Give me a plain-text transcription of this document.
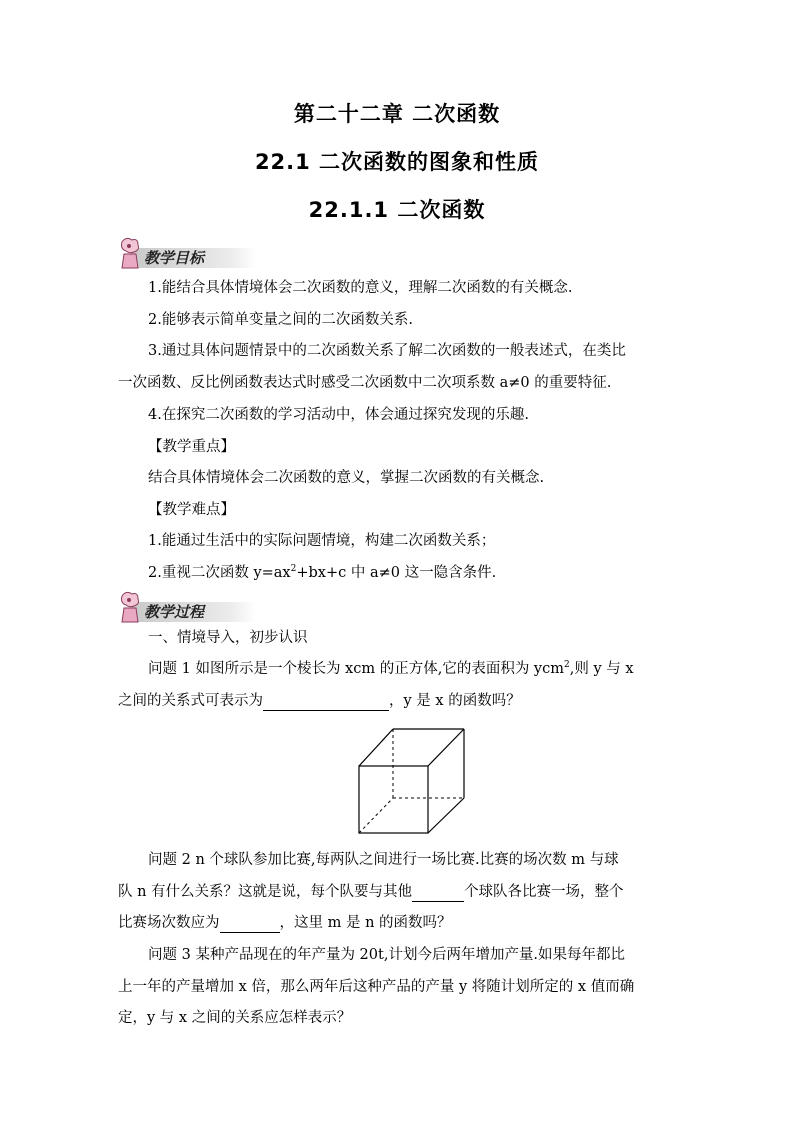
第二十二章 二次函数
22.1 二次函数的图象和性质
22.1.1 二次函数
教学目标
1.能结合具体情境体会二次函数的意义，理解二次函数的有关概念.
2.能够表示简单变量之间的二次函数关系.
3.通过具体问题情景中的二次函数关系了解二次函数的一般表述式，在类比
一次函数、反比例函数表达式时感受二次函数中二次项系数 a≠0 的重要特征.
4.在探究二次函数的学习活动中，体会通过探究发现的乐趣.
【教学重点】
结合具体情境体会二次函数的意义，掌握二次函数的有关概念.
【教学难点】
1.能通过生活中的实际问题情境，构建二次函数关系；
2.重视二次函数 $y=ax^2+bx+c$ 中 a≠0 这一隐含条件.
教学过程
一、情境导入，初步认识
问题 1 如图所示是一个棱长为 xcm 的正方体,它的表面积为 ycm$^2$,则 y 与 x
之间的关系式可表示为	，y 是 x 的函数吗？
问题 2 n 个球队参加比赛,每两队之间进行一场比赛.比赛的场次数 m 与球
队 n 有什么关系？这就是说，每个队要与其他	个球队各比赛一场，整个
比赛场次数应为	，这里 m 是 n 的函数吗？
问题 3 某种产品现在的年产量为 20t,计划今后两年增加产量.如果每年都比
上一年的产量增加 x 倍，那么两年后这种产品的产量 y 将随计划所定的 x 值而确
定，y 与 x 之间的关系应怎样表示？
